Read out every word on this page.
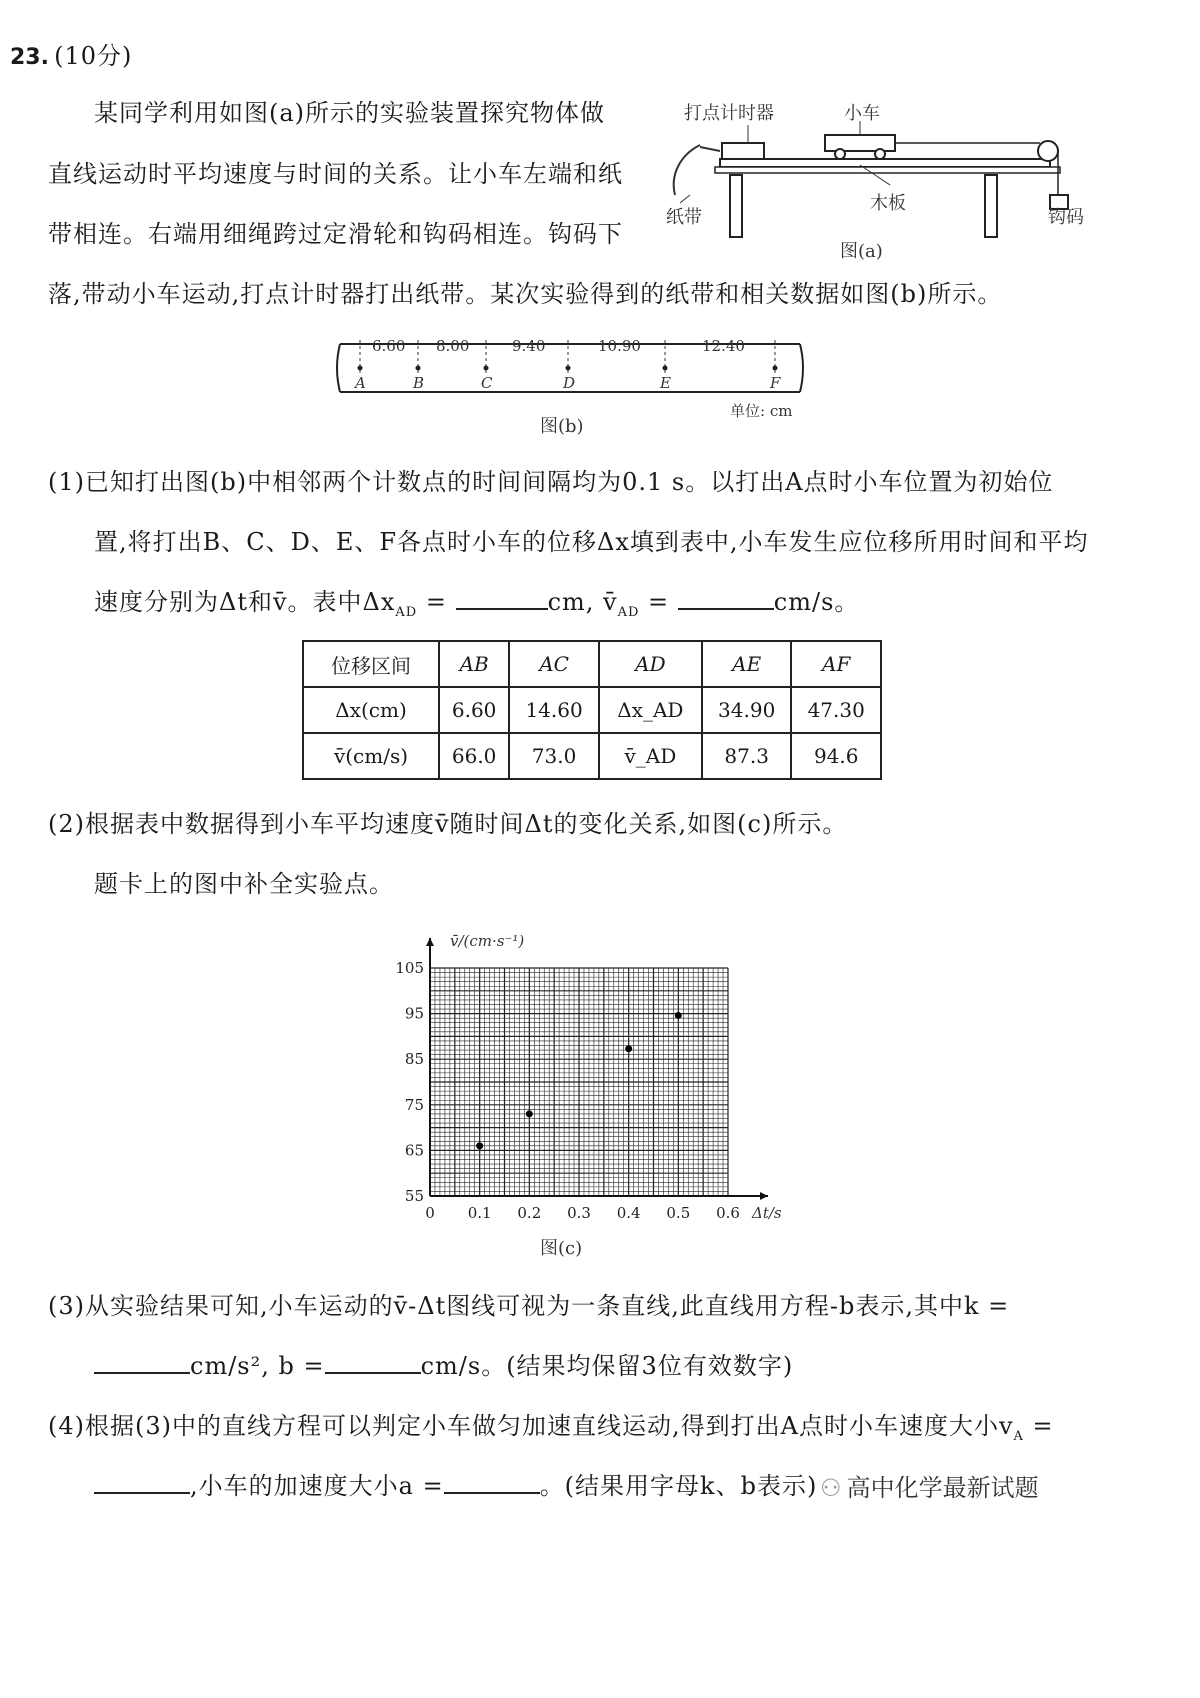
23. (10分)
某同学利用如图(a)所示的实验装置探究物体做
直线运动时平均速度与时间的关系。让小车左端和纸
带相连。右端用细绳跨过定滑轮和钩码相连。钩码下
落,带动小车运动,打点计时器打出纸带。某次实验得到的纸带和相关数据如图(b)所示。
打点计时器	小车
纸带
木板
钩码
图(a)
6.60 8.00	9.40	10.90	12.40
A	B	C	D	E	F
单位: cm
图(b)
(1)已知打出图(b)中相邻两个计数点的时间间隔均为0.1 s。以打出A点时小车位置为初始位
置,将打出B、C、D、E、F各点时小车的位移Δx填到表中,小车发生应位移所用时间和平均
速度分别为Δt和v̄。表中$\Delta x_{AD}$ =	cm, $v̄_{AD}$ =	cm/s。
位移区间	AB	AC	AD	AE	AF
Δx(cm)	6.60	14.60	Δx_AD	34.90	47.30
v̄(cm/s)	66.0	73.0	v̄_AD	87.3	94.6
(2)根据表中数据得到小车平均速度v̄随时间Δt的变化关系,如图(c)所示。
题卡上的图中补全实验点。
0 0.1 0.2 0.3 0.4 0.5 0.6
55
65
75
85
95
105
v̄/(cm·s⁻¹)
Δt/s
图(c)
(3)从实验结果可知,小车运动的v̄-Δt图线可视为一条直线,此直线用方程-b表示,其中k =
cm/s², b =	cm/s。(结果均保留3位有效数字)
(4)根据(3)中的直线方程可以判定小车做匀加速直线运动,得到打出A点时小车速度大小$v_A$ =
,小车的加速度大小a =	。(结果用字母k、b表示) ⚇ 高中化学最新试题
